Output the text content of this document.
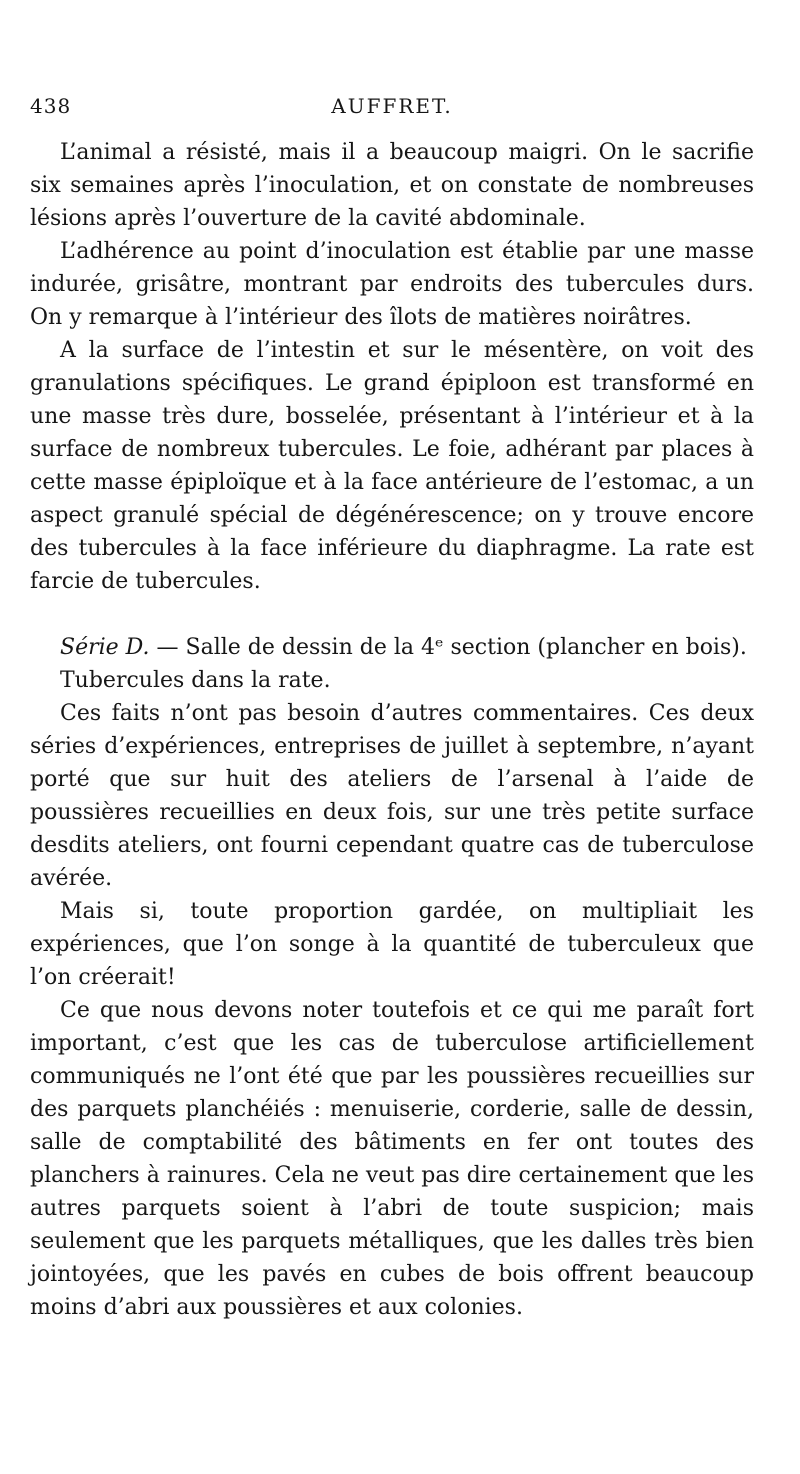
438	AUFFRET.

L’animal a résisté, mais il a beaucoup maigri. On le sacrifie six semaines après l’inoculation, et on constate de nombreuses lésions après l’ouverture de la cavité abdominale.

L’adhérence au point d’inoculation est établie par une masse indurée, grisâtre, montrant par endroits des tubercules durs. On y remarque à l’intérieur des îlots de matières noirâtres.

A la surface de l’intestin et sur le mésentère, on voit des granulations spécifiques. Le grand épiploon est transformé en une masse très dure, bosselée, présentant à l’intérieur et à la surface de nombreux tubercules. Le foie, adhérant par places à cette masse épiploïque et à la face antérieure de l’estomac, a un aspect granulé spécial de dégénérescence; on y trouve encore des tubercules à la face inférieure du diaphragme. La rate est farcie de tubercules.

Série D. — Salle de dessin de la 4ᵉ section (plancher en bois).

Tubercules dans la rate.

Ces faits n’ont pas besoin d’autres commentaires. Ces deux séries d’expériences, entreprises de juillet à septembre, n’ayant porté que sur huit des ateliers de l’arsenal à l’aide de poussières recueillies en deux fois, sur une très petite surface desdits ateliers, ont fourni cependant quatre cas de tuberculose avérée.

Mais si, toute proportion gardée, on multipliait les expériences, que l’on songe à la quantité de tuberculeux que l’on créerait!

Ce que nous devons noter toutefois et ce qui me paraît fort important, c’est que les cas de tuberculose artificiellement communiqués ne l’ont été que par les poussières recueillies sur des parquets planchéiés : menuiserie, corderie, salle de dessin, salle de comptabilité des bâtiments en fer ont toutes des planchers à rainures. Cela ne veut pas dire certainement que les autres parquets soient à l’abri de toute suspicion; mais seulement que les parquets métalliques, que les dalles très bien jointoyées, que les pavés en cubes de bois offrent beaucoup moins d’abri aux poussières et aux colonies.
